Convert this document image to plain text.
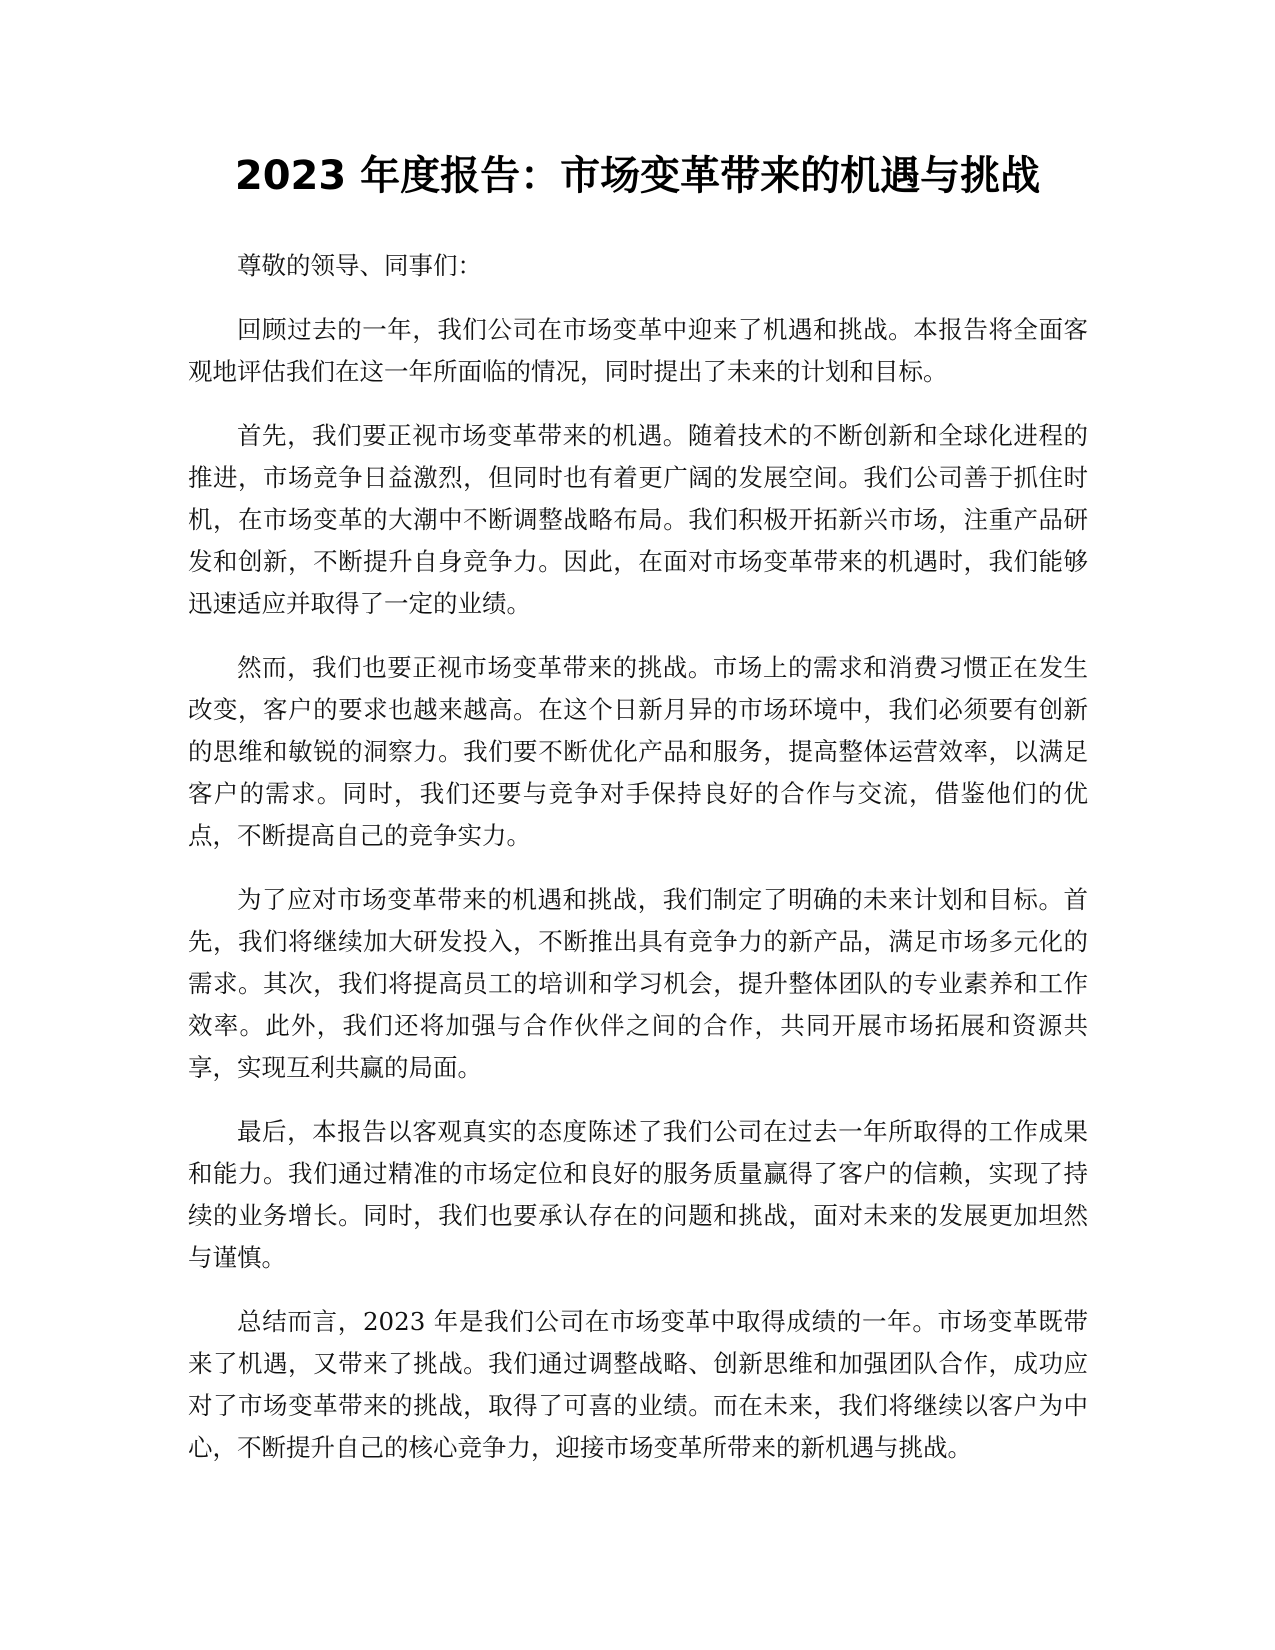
2023 年度报告：市场变革带来的机遇与挑战

尊敬的领导、同事们：

回顾过去的一年，我们公司在市场变革中迎来了机遇和挑战。本报告将全面客观地评估我们在这一年所面临的情况，同时提出了未来的计划和目标。

首先，我们要正视市场变革带来的机遇。随着技术的不断创新和全球化进程的推进，市场竞争日益激烈，但同时也有着更广阔的发展空间。我们公司善于抓住时机，在市场变革的大潮中不断调整战略布局。我们积极开拓新兴市场，注重产品研发和创新，不断提升自身竞争力。因此，在面对市场变革带来的机遇时，我们能够迅速适应并取得了一定的业绩。

然而，我们也要正视市场变革带来的挑战。市场上的需求和消费习惯正在发生改变，客户的要求也越来越高。在这个日新月异的市场环境中，我们必须要有创新的思维和敏锐的洞察力。我们要不断优化产品和服务，提高整体运营效率，以满足客户的需求。同时，我们还要与竞争对手保持良好的合作与交流，借鉴他们的优点，不断提高自己的竞争实力。

为了应对市场变革带来的机遇和挑战，我们制定了明确的未来计划和目标。首先，我们将继续加大研发投入，不断推出具有竞争力的新产品，满足市场多元化的需求。其次，我们将提高员工的培训和学习机会，提升整体团队的专业素养和工作效率。此外，我们还将加强与合作伙伴之间的合作，共同开展市场拓展和资源共享，实现互利共赢的局面。

最后，本报告以客观真实的态度陈述了我们公司在过去一年所取得的工作成果和能力。我们通过精准的市场定位和良好的服务质量赢得了客户的信赖，实现了持续的业务增长。同时，我们也要承认存在的问题和挑战，面对未来的发展更加坦然与谨慎。

总结而言，2023 年是我们公司在市场变革中取得成绩的一年。市场变革既带来了机遇，又带来了挑战。我们通过调整战略、创新思维和加强团队合作，成功应对了市场变革带来的挑战，取得了可喜的业绩。而在未来，我们将继续以客户为中心，不断提升自己的核心竞争力，迎接市场变革所带来的新机遇与挑战。
